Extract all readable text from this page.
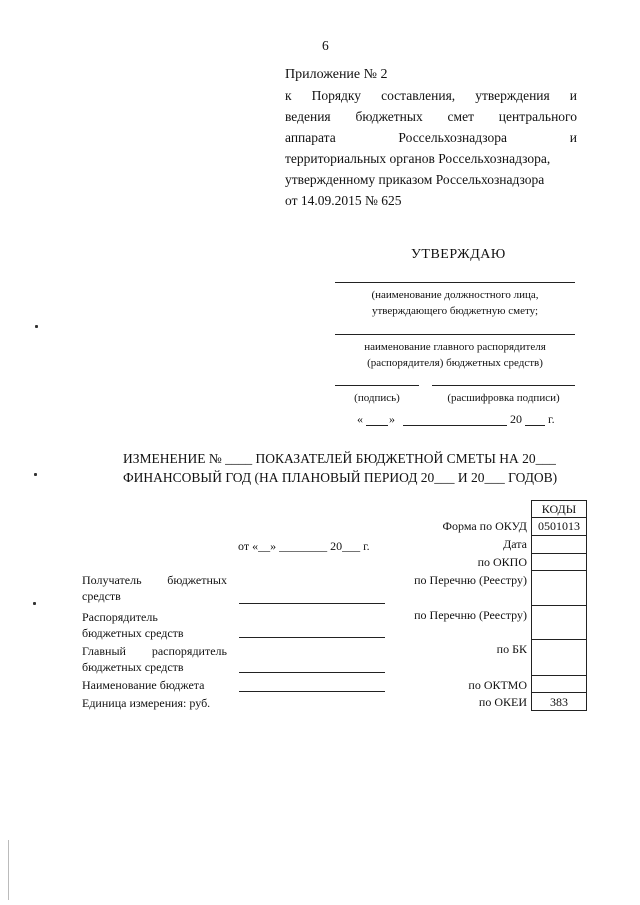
6
Приложение № 2
к Порядку составления, утверждения и
ведения бюджетных смет центрального
аппарата Россельхознадзора и
территориальных органов Россельхознадзора,
утвержденному приказом Россельхознадзора
от 14.09.2015 № 625
УТВЕРЖДАЮ
(наименование должностного лица,
утверждающего бюджетную смету;
наименование главного распорядителя
(распорядителя) бюджетных средств)
(подпись)	(расшифровка подписи)
« »	20 г.
ИЗМЕНЕНИЕ № ____ ПОКАЗАТЕЛЕЙ БЮДЖЕТНОЙ СМЕТЫ НА 20___
ФИНАНСОВЫЙ ГОД (НА ПЛАНОВЫЙ ПЕРИОД 20___ И 20___ ГОДОВ)
от «__» ________ 20___ г.
Получатель бюджетных
средств
Распорядитель
бюджетных средств
Главный распорядитель
бюджетных средств
Наименование бюджета
Единица измерения: руб.
КОДЫ
0501013
383
Форма по ОКУД
Дата
по ОКПО
по Перечню (Реестру)
по Перечню (Реестру)
по БК
по ОКТМО
по ОКЕИ
